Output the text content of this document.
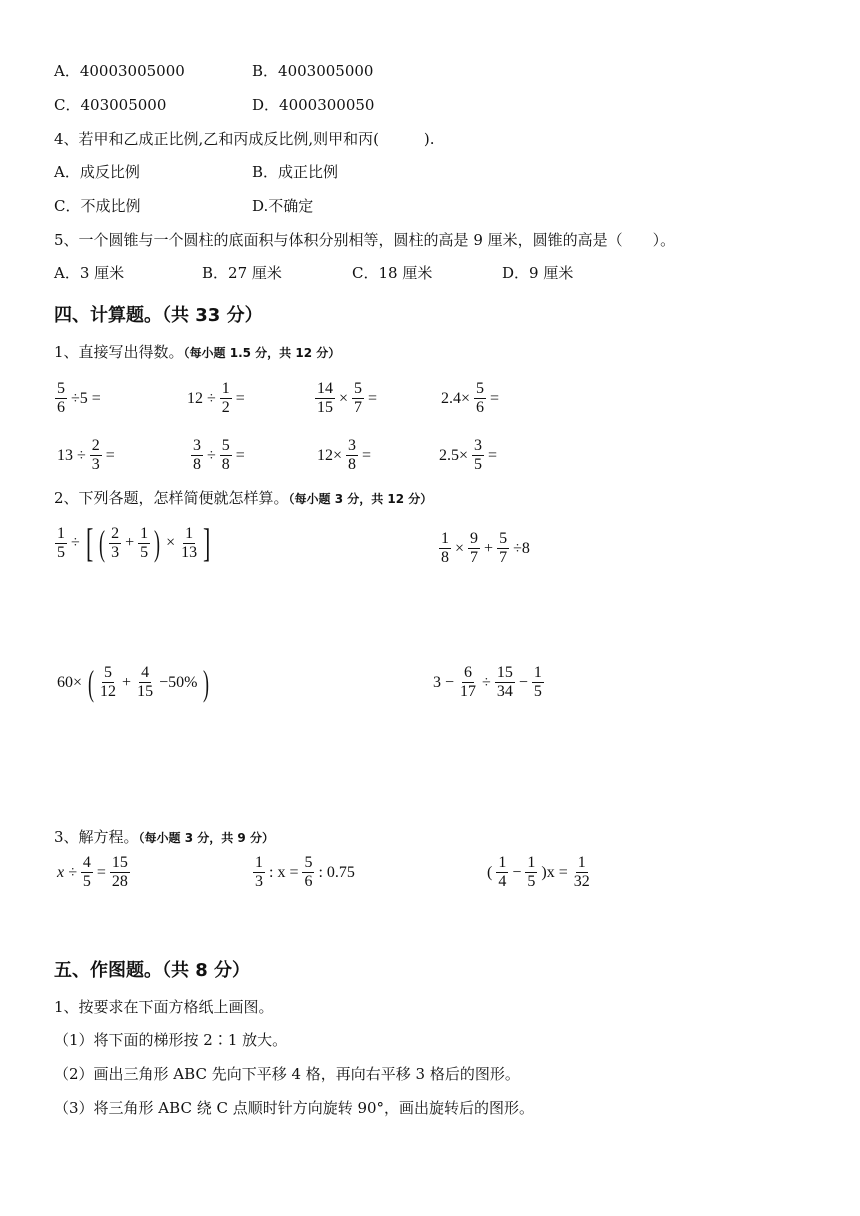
A．40003005000	B．4003005000
C．403005000	D．4000300050
4、若甲和乙成正比例,乙和丙成反比例,则甲和丙(　　　).
A．成反比例	B．成正比例
C．不成比例	D.不确定
5、一个圆锥与一个圆柱的底面积与体积分别相等，圆柱的高是 9 厘米，圆锥的高是（　　）。
A．3 厘米	B．27 厘米	C．18 厘米	D．9 厘米
四、计算题。（共 33 分）
1、直接写出得数。（每小题 1.5 分，共 12 分）
$\frac{5}{6} \div 5$ =	$12 \div \frac{1}{2}$ =	$\frac{14}{15} \times \frac{5}{7}$ =	$2.4\times \frac{5}{6}$ =
$13 \div \frac{2}{3}$ =	$\frac{3}{8} \div \frac{5}{8}$ =	$12\times \frac{3}{8}$ =	$2.5\times \frac{3}{5}$ =
2、下列各题，怎样简便就怎样算。（每小题 3 分，共 12 分）
$\frac{1}{5}$ ÷ [ ( $\frac{2}{3} + \frac{1}{5}$ ) × $\frac{1}{13}$ ]	$\frac{1}{8} \times \frac{9}{7} + \frac{5}{7} \div 8$
60× ( $\frac{5}{12} + \frac{4}{15} -50\%$ )	$3 - \frac{6}{17} \div \frac{15}{34} - \frac{1}{5}$
3、解方程。（每小题 3 分，共 9 分）
$x \div \frac{4}{5} = \frac{15}{28}$	$\frac{1}{3}$ : $x = \frac{5}{6}$ : 0.75	( $\frac{1}{4} - \frac{1}{5} )x = \frac{1}{32}$
五、作图题。（共 8 分）
1、按要求在下面方格纸上画图。
（1）将下面的梯形按 2∶1 放大。
（2）画出三角形 ABC 先向下平移 4 格，再向右平移 3 格后的图形。
（3）将三角形 ABC 绕 C 点顺时针方向旋转 90°，画出旋转后的图形。
